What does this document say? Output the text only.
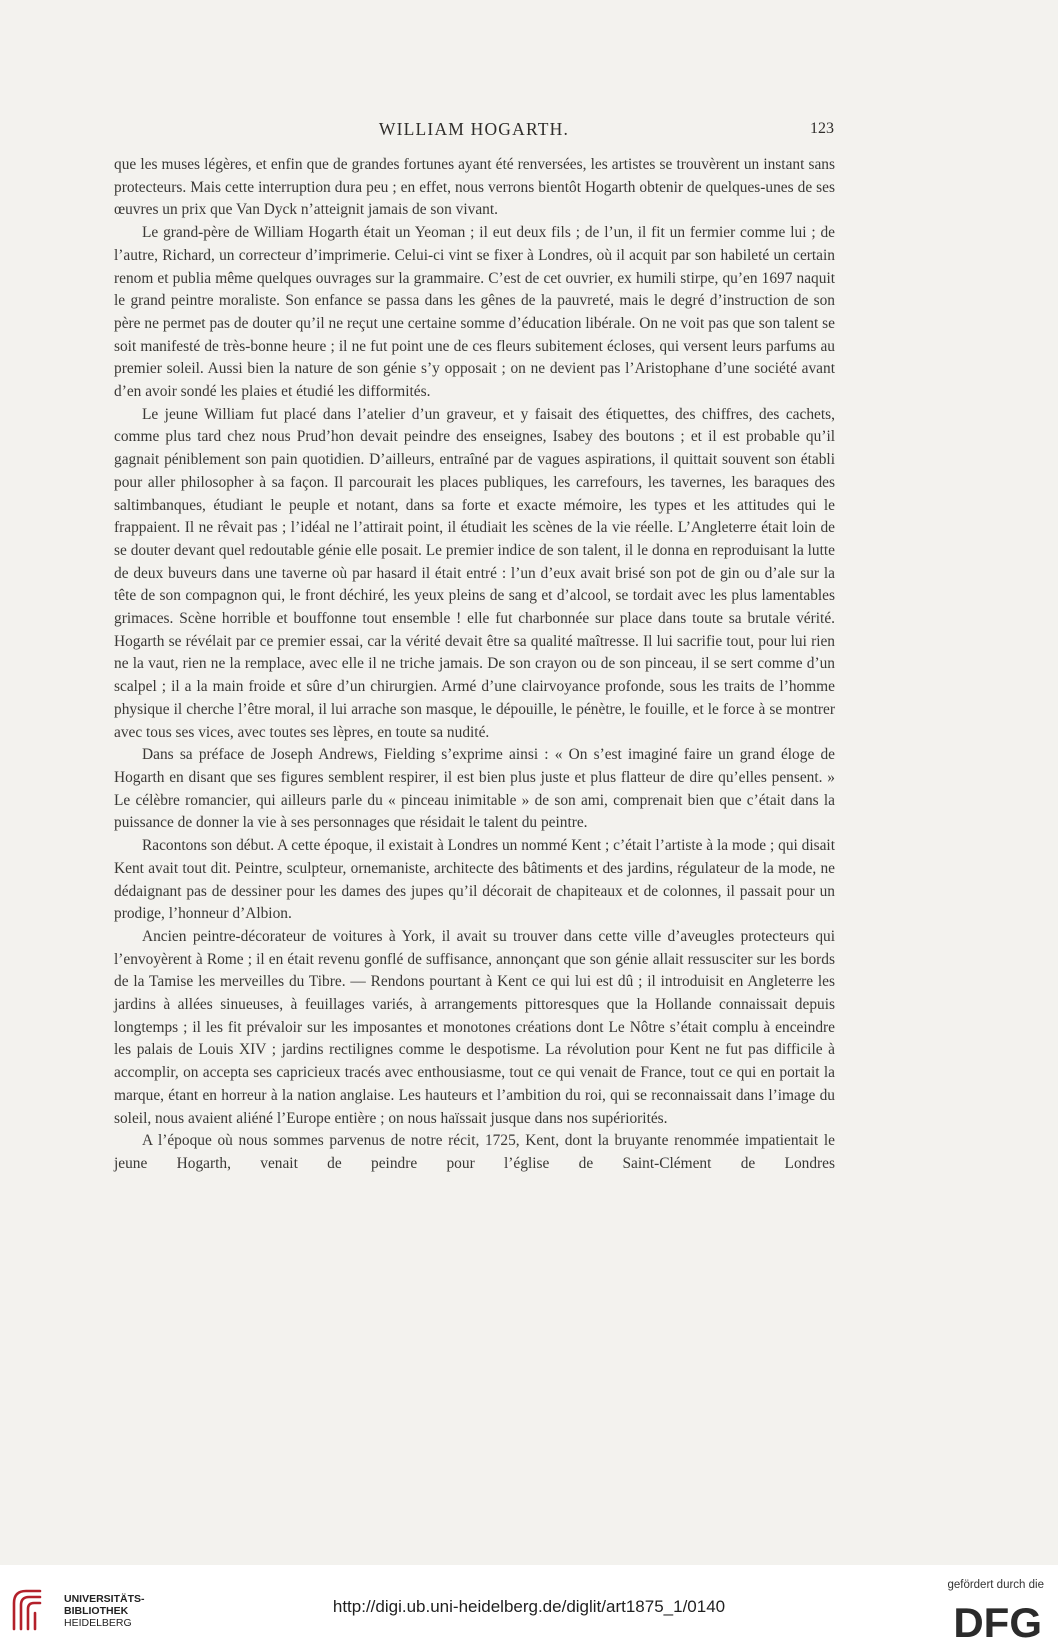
WILLIAM HOGARTH.	123

que les muses légères, et enfin que de grandes fortunes ayant été renversées, les artistes se trouvèrent un instant sans protecteurs. Mais cette interruption dura peu ; en effet, nous verrons bientôt Hogarth obtenir de quelques-unes de ses œuvres un prix que Van Dyck n’atteignit jamais de son vivant.

Le grand-père de William Hogarth était un Yeoman ; il eut deux fils ; de l’un, il fit un fermier comme lui ; de l’autre, Richard, un correcteur d’imprimerie. Celui-ci vint se fixer à Londres, où il acquit par son habileté un certain renom et publia même quelques ouvrages sur la grammaire. C’est de cet ouvrier, ex humili stirpe, qu’en 1697 naquit le grand peintre moraliste. Son enfance se passa dans les gênes de la pauvreté, mais le degré d’instruction de son père ne permet pas de douter qu’il ne reçut une certaine somme d’éducation libérale. On ne voit pas que son talent se soit manifesté de très-bonne heure ; il ne fut point une de ces fleurs subitement écloses, qui versent leurs parfums au premier soleil. Aussi bien la nature de son génie s’y opposait ; on ne devient pas l’Aristophane d’une société avant d’en avoir sondé les plaies et étudié les difformités.

Le jeune William fut placé dans l’atelier d’un graveur, et y faisait des étiquettes, des chiffres, des cachets, comme plus tard chez nous Prud’hon devait peindre des enseignes, Isabey des boutons ; et il est probable qu’il gagnait péniblement son pain quotidien. D’ailleurs, entraîné par de vagues aspirations, il quittait souvent son établi pour aller philosopher à sa façon. Il parcourait les places publiques, les carrefours, les tavernes, les baraques des saltimbanques, étudiant le peuple et notant, dans sa forte et exacte mémoire, les types et les attitudes qui le frappaient. Il ne rêvait pas ; l’idéal ne l’attirait point, il étudiait les scènes de la vie réelle. L’Angleterre était loin de se douter devant quel redoutable génie elle posait. Le premier indice de son talent, il le donna en reproduisant la lutte de deux buveurs dans une taverne où par hasard il était entré : l’un d’eux avait brisé son pot de gin ou d’ale sur la tête de son compagnon qui, le front déchiré, les yeux pleins de sang et d’alcool, se tordait avec les plus lamentables grimaces. Scène horrible et bouffonne tout ensemble ! elle fut charbonnée sur place dans toute sa brutale vérité. Hogarth se révélait par ce premier essai, car la vérité devait être sa qualité maîtresse. Il lui sacrifie tout, pour lui rien ne la vaut, rien ne la remplace, avec elle il ne triche jamais. De son crayon ou de son pinceau, il se sert comme d’un scalpel ; il a la main froide et sûre d’un chirurgien. Armé d’une clairvoyance profonde, sous les traits de l’homme physique il cherche l’être moral, il lui arrache son masque, le dépouille, le pénètre, le fouille, et le force à se montrer avec tous ses vices, avec toutes ses lèpres, en toute sa nudité.

Dans sa préface de Joseph Andrews, Fielding s’exprime ainsi : « On s’est imaginé faire un grand éloge de Hogarth en disant que ses figures semblent respirer, il est bien plus juste et plus flatteur de dire qu’elles pensent. » Le célèbre romancier, qui ailleurs parle du « pinceau inimitable » de son ami, comprenait bien que c’était dans la puissance de donner la vie à ses personnages que résidait le talent du peintre.

Racontons son début. A cette époque, il existait à Londres un nommé Kent ; c’était l’artiste à la mode ; qui disait Kent avait tout dit. Peintre, sculpteur, ornemaniste, architecte des bâtiments et des jardins, régulateur de la mode, ne dédaignant pas de dessiner pour les dames des jupes qu’il décorait de chapiteaux et de colonnes, il passait pour un prodige, l’honneur d’Albion.

Ancien peintre-décorateur de voitures à York, il avait su trouver dans cette ville d’aveugles protecteurs qui l’envoyèrent à Rome ; il en était revenu gonflé de suffisance, annonçant que son génie allait ressusciter sur les bords de la Tamise les merveilles du Tibre. — Rendons pourtant à Kent ce qui lui est dû ; il introduisit en Angleterre les jardins à allées sinueuses, à feuillages variés, à arrangements pittoresques que la Hollande connaissait depuis longtemps ; il les fit prévaloir sur les imposantes et monotones créations dont Le Nôtre s’était complu à enceindre les palais de Louis XIV ; jardins rectilignes comme le despotisme. La révolution pour Kent ne fut pas difficile à accomplir, on accepta ses capricieux tracés avec enthousiasme, tout ce qui venait de France, tout ce qui en portait la marque, étant en horreur à la nation anglaise. Les hauteurs et l’ambition du roi, qui se reconnaissait dans l’image du soleil, nous avaient aliéné l’Europe entière ; on nous haïssait jusque dans nos supériorités.

A l’époque où nous sommes parvenus de notre récit, 1725, Kent, dont la bruyante renommée impatientait le jeune Hogarth, venait de peindre pour l’église de Saint-Clément de Londres

UNIVERSITÄTS-
BIBLIOTHEK
HEIDELBERG
http://digi.ub.uni-heidelberg.de/diglit/art1875_1/0140
gefördert durch die
DFG
